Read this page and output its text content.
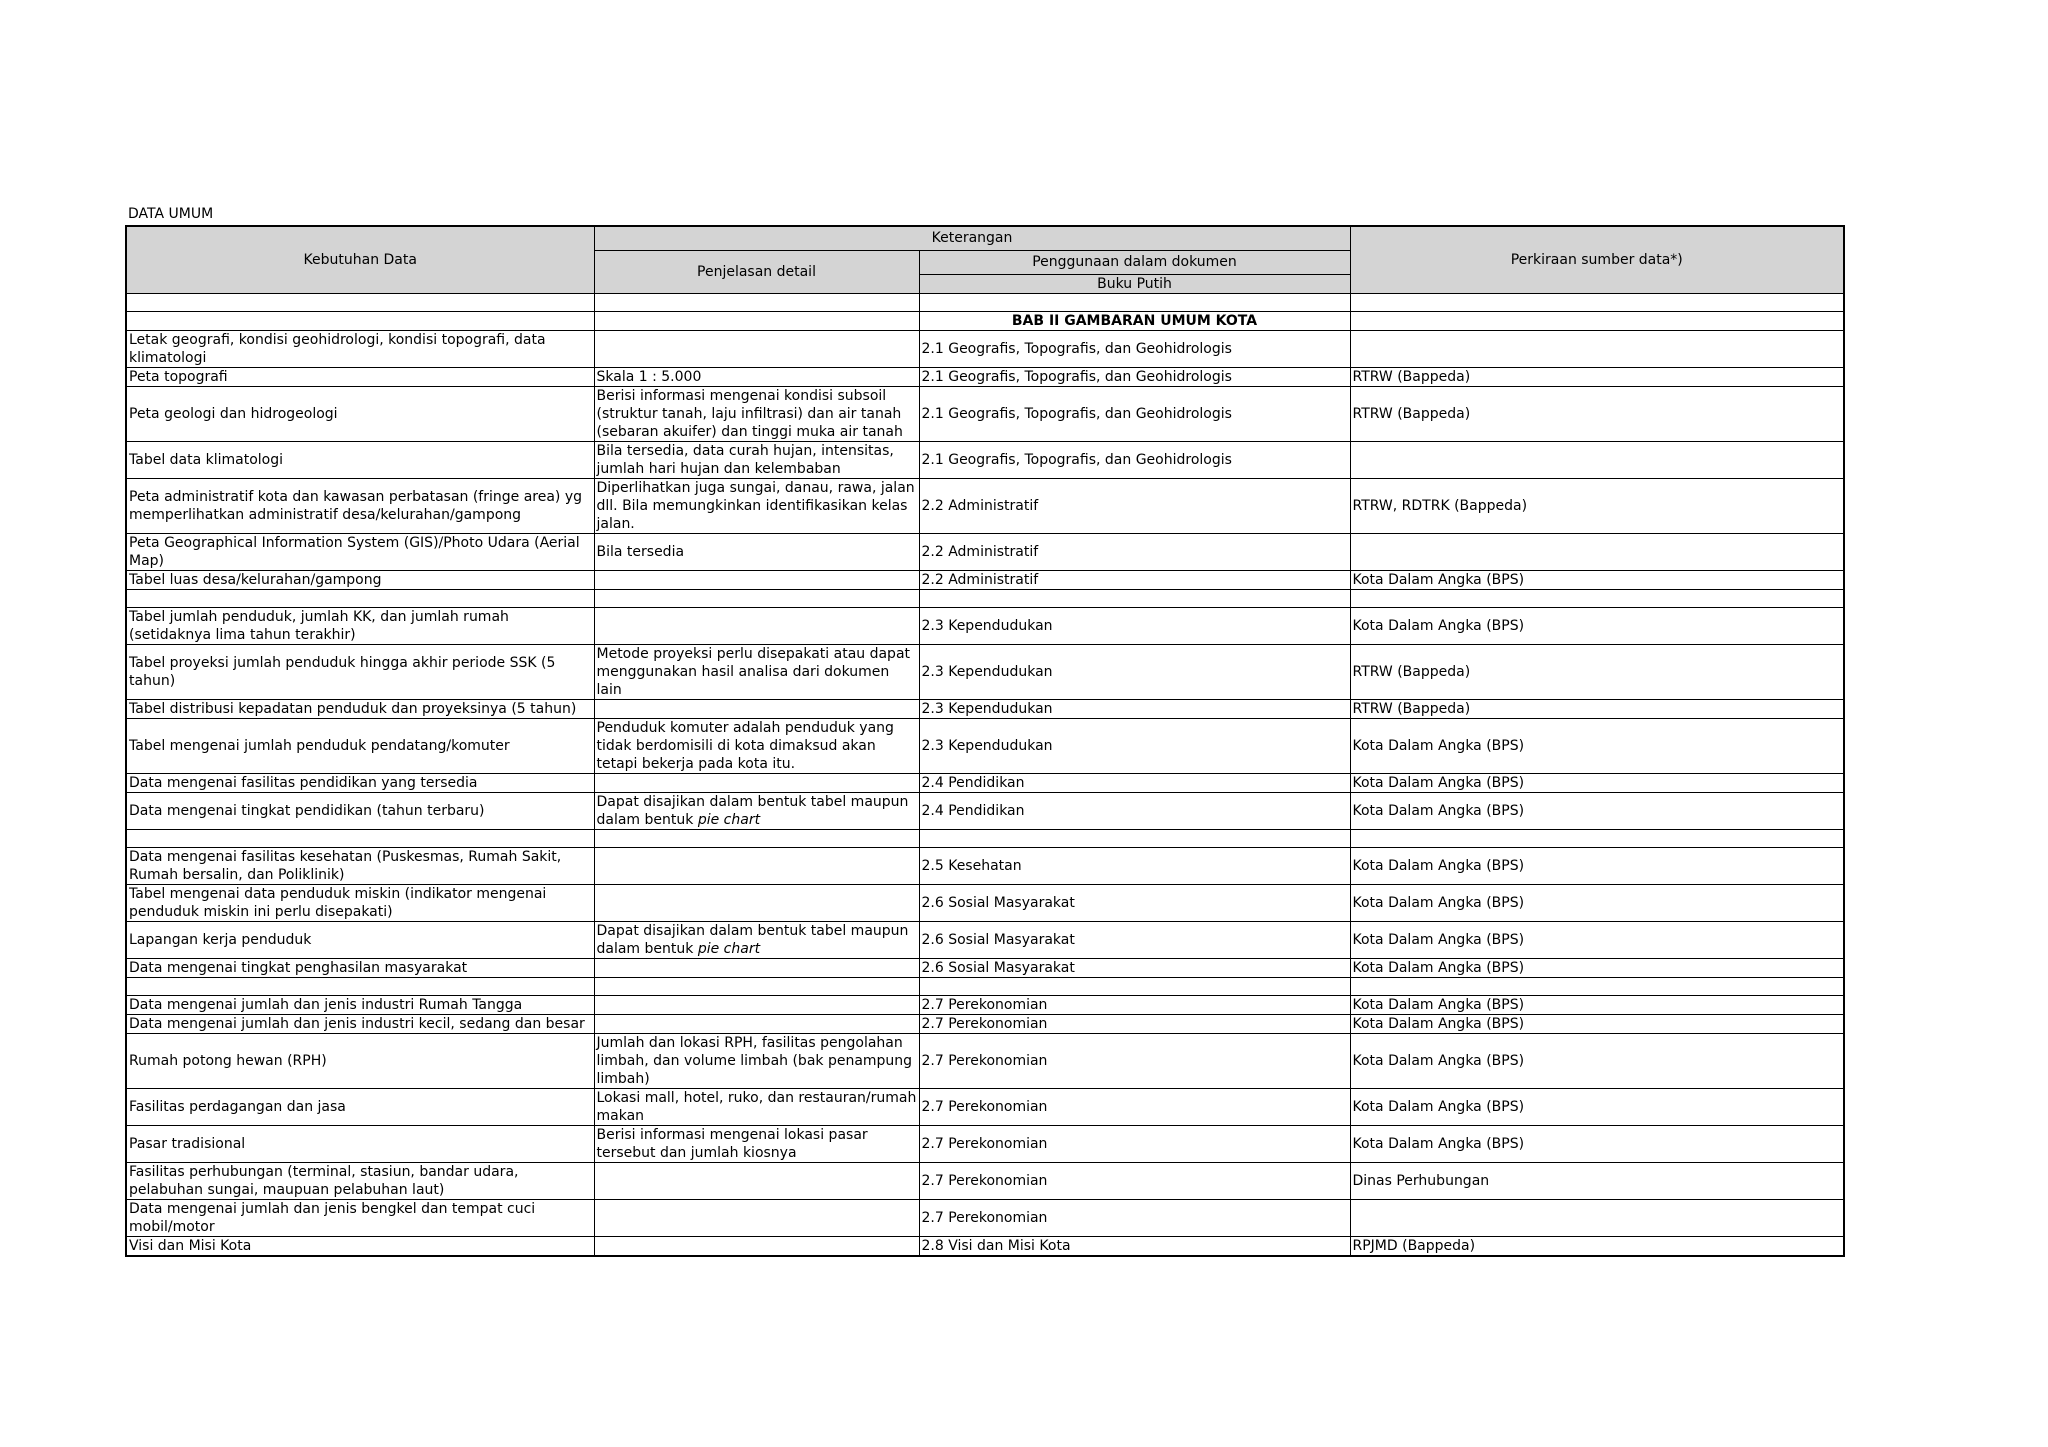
DATA UMUM
Kebutuhan Data	Keterangan		Perkiraan sumber data*)
	Penjelasan detail	Penggunaan dalam dokumen	
		Buku Putih	

		BAB II GAMBARAN UMUM KOTA	
Letak geografi, kondisi geohidrologi, kondisi topografi, data klimatologi		2.1 Geografis, Topografis, dan Geohidrologis	
Peta topografi	Skala 1 : 5.000	2.1 Geografis, Topografis, dan Geohidrologis	RTRW (Bappeda)
Peta geologi dan hidrogeologi	Berisi informasi mengenai kondisi subsoil (struktur tanah, laju infiltrasi) dan air tanah (sebaran akuifer) dan tinggi muka air tanah	2.1 Geografis, Topografis, dan Geohidrologis	RTRW (Bappeda)
Tabel data klimatologi	Bila tersedia, data curah hujan, intensitas, jumlah hari hujan dan kelembaban	2.1 Geografis, Topografis, dan Geohidrologis	
Peta administratif kota dan kawasan perbatasan (fringe area) yg memperlihatkan administratif desa/kelurahan/gampong	Diperlihatkan juga sungai, danau, rawa, jalan dll. Bila memungkinkan identifikasikan kelas jalan.	2.2 Administratif	RTRW, RDTRK (Bappeda)
Peta Geographical Information System (GIS)/Photo Udara (Aerial Map)	Bila tersedia	2.2 Administratif	
Tabel luas desa/kelurahan/gampong		2.2 Administratif	Kota Dalam Angka (BPS)

Tabel jumlah penduduk, jumlah KK, dan jumlah rumah (setidaknya lima tahun terakhir)		2.3 Kependudukan	Kota Dalam Angka (BPS)
Tabel proyeksi jumlah penduduk hingga akhir periode SSK (5 tahun)	Metode proyeksi perlu disepakati atau dapat menggunakan hasil analisa dari dokumen lain	2.3 Kependudukan	RTRW (Bappeda)
Tabel distribusi kepadatan penduduk dan proyeksinya (5 tahun)		2.3 Kependudukan	RTRW (Bappeda)
Tabel mengenai jumlah penduduk pendatang/komuter	Penduduk komuter adalah penduduk yang tidak berdomisili di kota dimaksud akan tetapi bekerja pada kota itu.	2.3 Kependudukan	Kota Dalam Angka (BPS)
Data mengenai fasilitas pendidikan yang tersedia		2.4 Pendidikan	Kota Dalam Angka (BPS)
Data mengenai tingkat pendidikan (tahun terbaru)	Dapat disajikan dalam bentuk tabel maupun dalam bentuk pie chart	2.4 Pendidikan	Kota Dalam Angka (BPS)

Data mengenai fasilitas kesehatan (Puskesmas, Rumah Sakit, Rumah bersalin, dan Poliklinik)		2.5 Kesehatan	Kota Dalam Angka (BPS)
Tabel mengenai data penduduk miskin (indikator mengenai penduduk miskin ini perlu disepakati)		2.6 Sosial Masyarakat	Kota Dalam Angka (BPS)
Lapangan kerja penduduk	Dapat disajikan dalam bentuk tabel maupun dalam bentuk pie chart	2.6 Sosial Masyarakat	Kota Dalam Angka (BPS)
Data mengenai tingkat penghasilan masyarakat		2.6 Sosial Masyarakat	Kota Dalam Angka (BPS)

Data mengenai jumlah dan jenis industri Rumah Tangga		2.7 Perekonomian	Kota Dalam Angka (BPS)
Data mengenai jumlah dan jenis industri kecil, sedang dan besar		2.7 Perekonomian	Kota Dalam Angka (BPS)
Rumah potong hewan (RPH)	Jumlah dan lokasi RPH, fasilitas pengolahan limbah, dan volume limbah (bak penampung limbah)	2.7 Perekonomian	Kota Dalam Angka (BPS)
Fasilitas perdagangan dan jasa	Lokasi mall, hotel, ruko, dan restauran/rumah makan	2.7 Perekonomian	Kota Dalam Angka (BPS)
Pasar tradisional	Berisi informasi mengenai lokasi pasar tersebut dan jumlah kiosnya	2.7 Perekonomian	Kota Dalam Angka (BPS)
Fasilitas perhubungan (terminal, stasiun, bandar udara, pelabuhan sungai, maupuan pelabuhan laut)		2.7 Perekonomian	Dinas Perhubungan
Data mengenai jumlah dan jenis bengkel dan tempat cuci mobil/motor		2.7 Perekonomian	
Visi dan Misi Kota		2.8 Visi dan Misi Kota	RPJMD (Bappeda)
